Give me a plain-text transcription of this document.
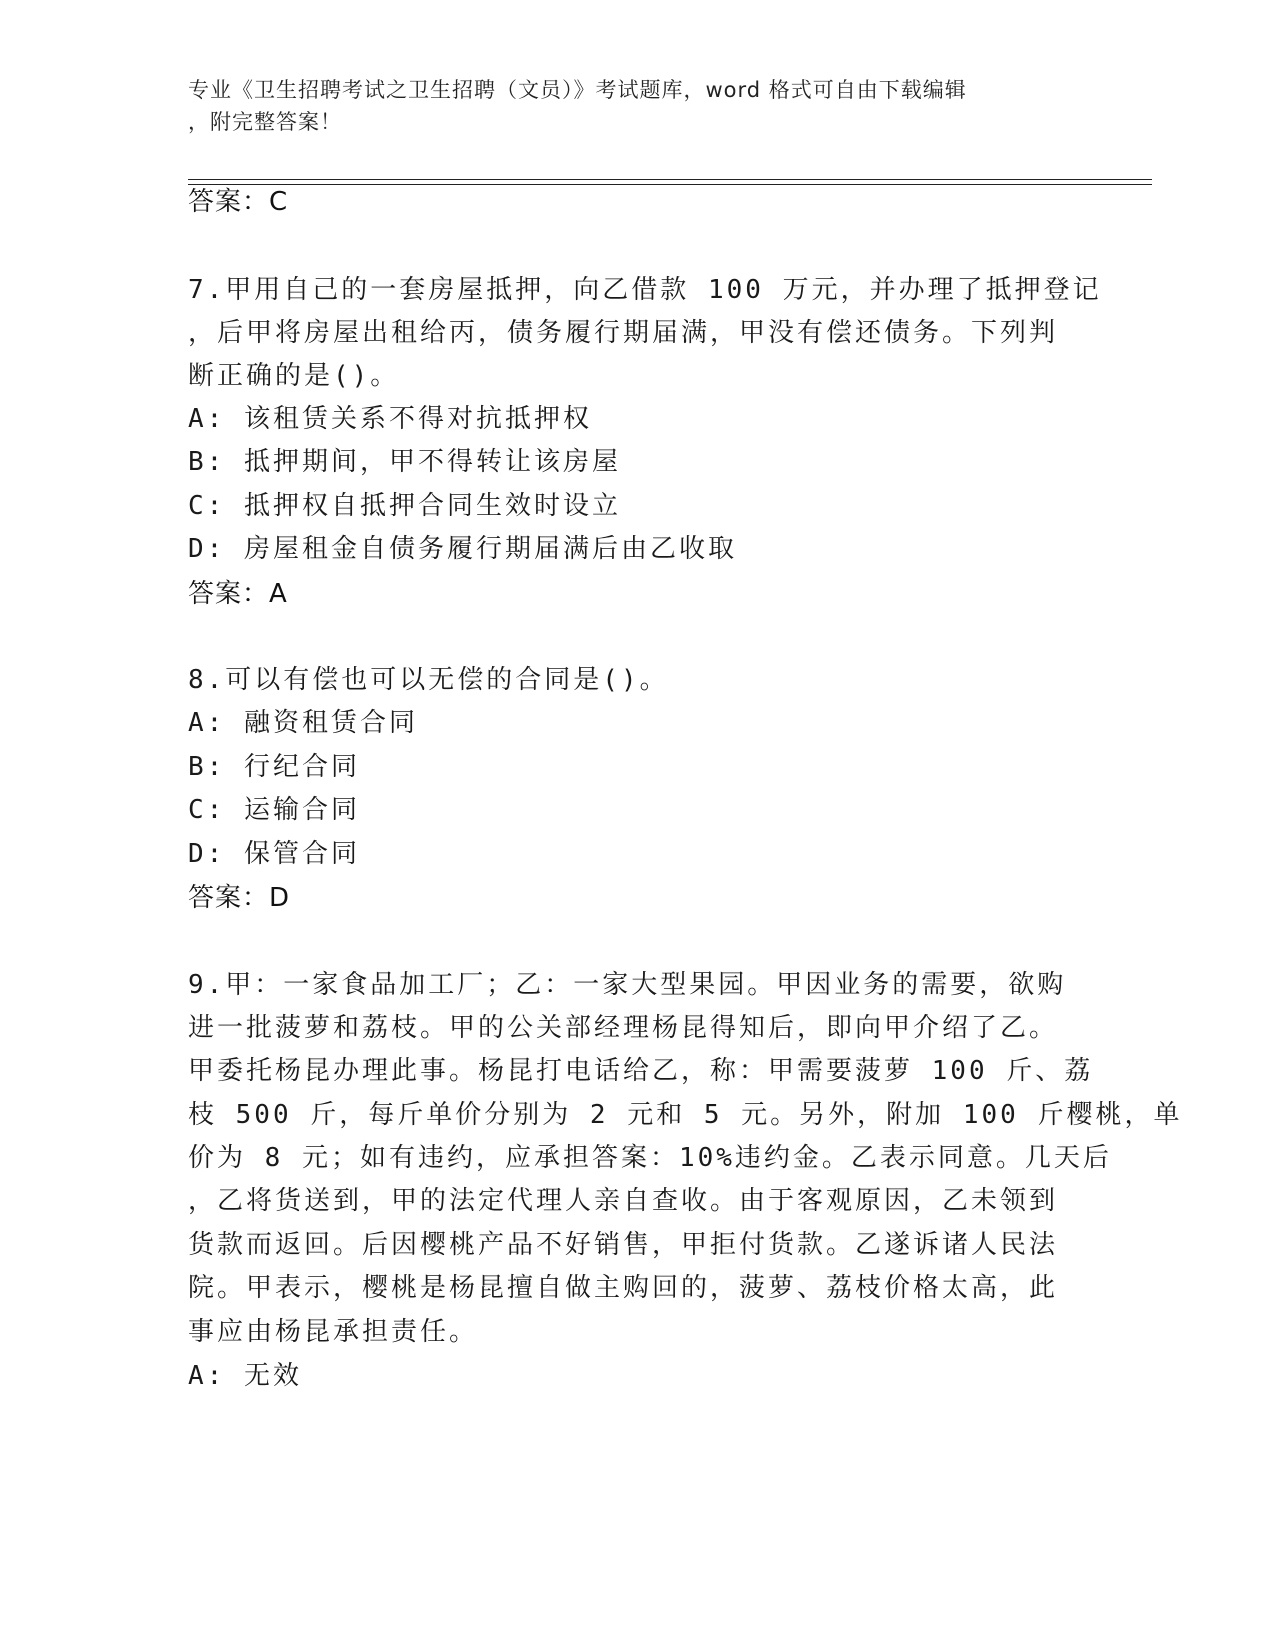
专业《卫生招聘考试之卫生招聘（文员）》考试题库，word 格式可自由下载编辑

，附完整答案！

答案：C
7.甲用自己的一套房屋抵押，向乙借款 100 万元，并办理了抵押登记
，后甲将房屋出租给丙，债务履行期届满，甲没有偿还债务。下列判
断正确的是()。
A: 该租赁关系不得对抗抵押权
B: 抵押期间，甲不得转让该房屋
C: 抵押权自抵押合同生效时设立
D: 房屋租金自债务履行期届满后由乙收取
答案：A
8.可以有偿也可以无偿的合同是()。
A: 融资租赁合同
B: 行纪合同
C: 运输合同
D: 保管合同
答案：D
9.甲：一家食品加工厂；乙：一家大型果园。甲因业务的需要，欲购
进一批菠萝和荔枝。甲的公关部经理杨昆得知后，即向甲介绍了乙。
甲委托杨昆办理此事。杨昆打电话给乙，称：甲需要菠萝 100 斤、荔
枝 500 斤，每斤单价分别为 2 元和 5 元。另外，附加 100 斤樱桃，单
价为 8 元；如有违约，应承担答案：10%违约金。乙表示同意。几天后
，乙将货送到，甲的法定代理人亲自查收。由于客观原因，乙未领到
货款而返回。后因樱桃产品不好销售，甲拒付货款。乙遂诉诸人民法
院。甲表示，樱桃是杨昆擅自做主购回的，菠萝、荔枝价格太高，此
事应由杨昆承担责任。
A: 无效
